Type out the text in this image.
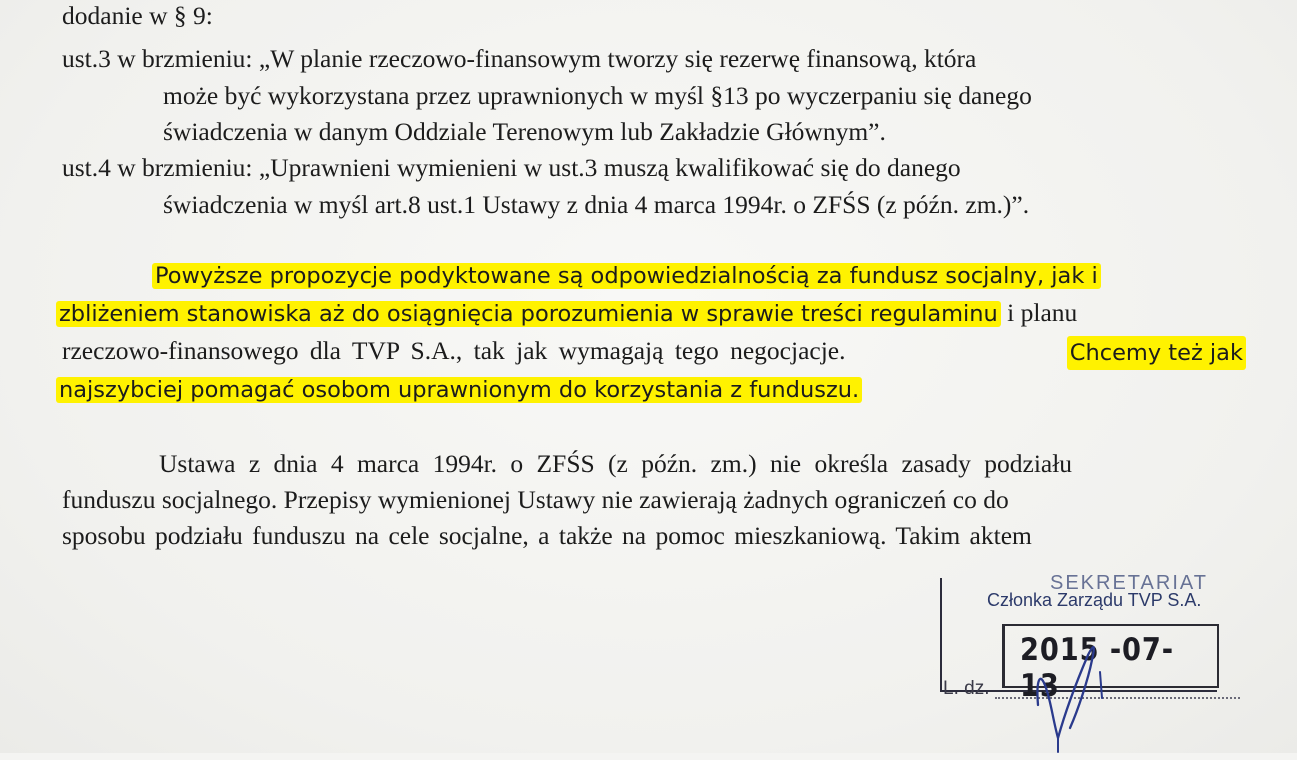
dodanie w § 9:
ust.3 w brzmieniu: „W planie rzeczowo-finansowym tworzy się rezerwę finansową, która
może być wykorzystana przez uprawnionych w myśl §13 po wyczerpaniu się danego
świadczenia w danym Oddziale Terenowym lub Zakładzie Głównym”.
ust.4 w brzmieniu: „Uprawnieni wymienieni w ust.3 muszą kwalifikować się do danego
świadczenia w myśl art.8 ust.1 Ustawy z dnia 4 marca 1994r. o ZFŚS (z późn. zm.)”.
Powyższe propozycje podyktowane są odpowiedzialnością za fundusz socjalny, jak i
zbliżeniem stanowiska aż do osiągnięcia porozumienia w sprawie treści regulaminu i planu
rzeczowo-finansowego dla TVP S.A., tak jak wymagają tego negocjacje.	Chcemy też jak
najszybciej pomagać osobom uprawnionym do korzystania z funduszu.
Ustawa z dnia 4 marca 1994r. o ZFŚS (z późn. zm.) nie określa zasady podziału
funduszu socjalnego. Przepisy wymienionej Ustawy nie zawierają żadnych ograniczeń co do
sposobu podziału funduszu na cele socjalne, a także na pomoc mieszkaniową. Takim aktem
SEKRETARIAT
Członka Zarządu TVP S.A.
2015 -07- 13
L. dz.
